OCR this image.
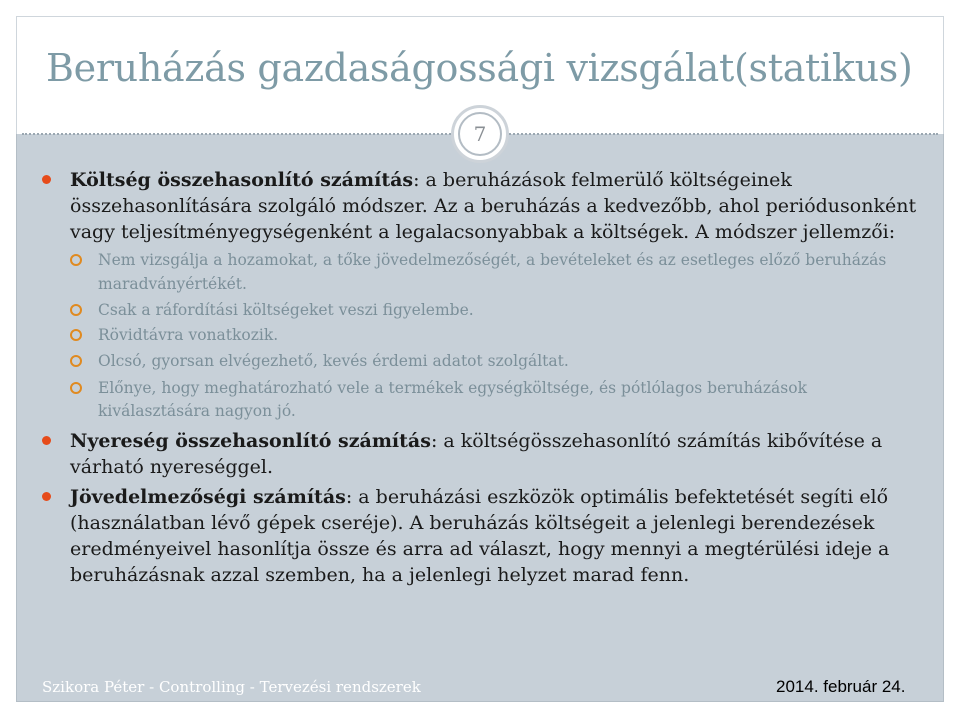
Beruházás gazdaságossági vizsgálat(statikus)
7
Költség összehasonlító számítás: a beruházások felmerülő költségeinek
összehasonlítására szolgáló módszer. Az a beruházás a kedvezőbb, ahol periódusonként
vagy teljesítményegységenként a legalacsonyabbak a költségek. A módszer jellemzői:
Nem vizsgálja a hozamokat, a tőke jövedelmezőségét, a bevételeket és az esetleges előző beruházás
maradványértékét.
Csak a ráfordítási költségeket veszi figyelembe.
Rövidtávra vonatkozik.
Olcsó, gyorsan elvégezhető, kevés érdemi adatot szolgáltat.
Előnye, hogy meghatározható vele a termékek egységköltsége, és pótlólagos beruházások
kiválasztására nagyon jó.
Nyereség összehasonlító számítás: a költségösszehasonlító számítás kibővítése a
várható nyereséggel.
Jövedelmezőségi számítás: a beruházási eszközök optimális befektetését segíti elő
(használatban lévő gépek cseréje). A beruházás költségeit a jelenlegi berendezések
eredményeivel hasonlítja össze és arra ad választ, hogy mennyi a megtérülési ideje a
beruházásnak azzal szemben, ha a jelenlegi helyzet marad fenn.
Szikora Péter - Controlling - Tervezési rendszerek	2014. február 24.
